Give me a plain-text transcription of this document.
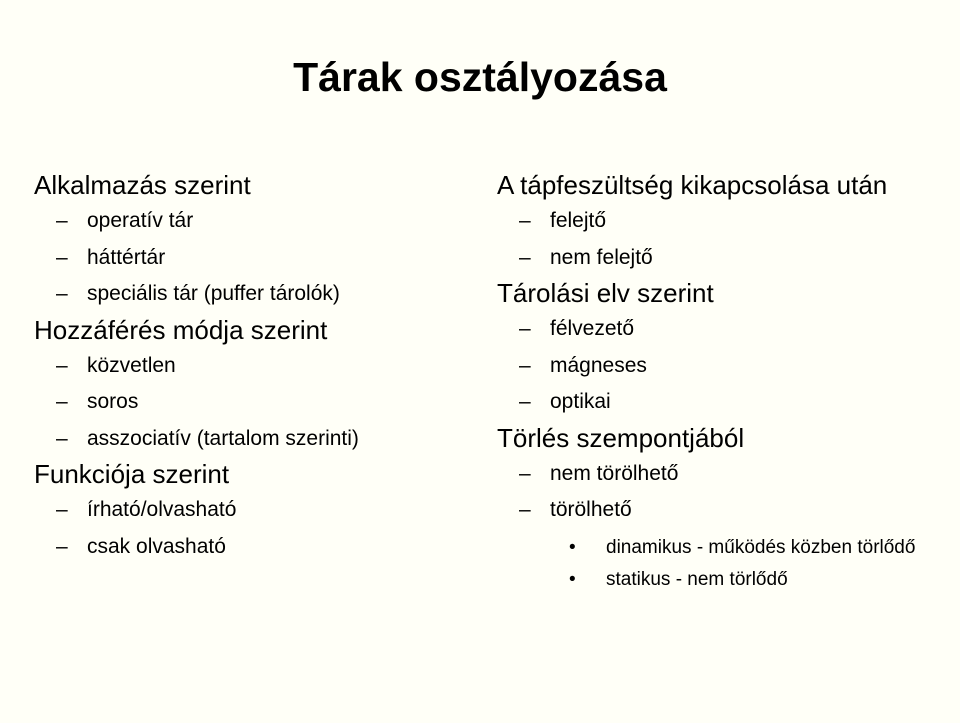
Tárak osztályozása
Alkalmazás szerint
– operatív tár
– háttértár
– speciális tár (puffer tárolók)
Hozzáférés módja szerint
– közvetlen
– soros
– asszociatív (tartalom szerinti)
Funkciója szerint
– írható/olvasható
– csak olvasható
A tápfeszültség kikapcsolása után
– felejtő
– nem felejtő
Tárolási elv szerint
– félvezető
– mágneses
– optikai
Törlés szempontjából
– nem törölhető
– törölhető
• dinamikus - működés közben törlődő
• statikus - nem törlődő
